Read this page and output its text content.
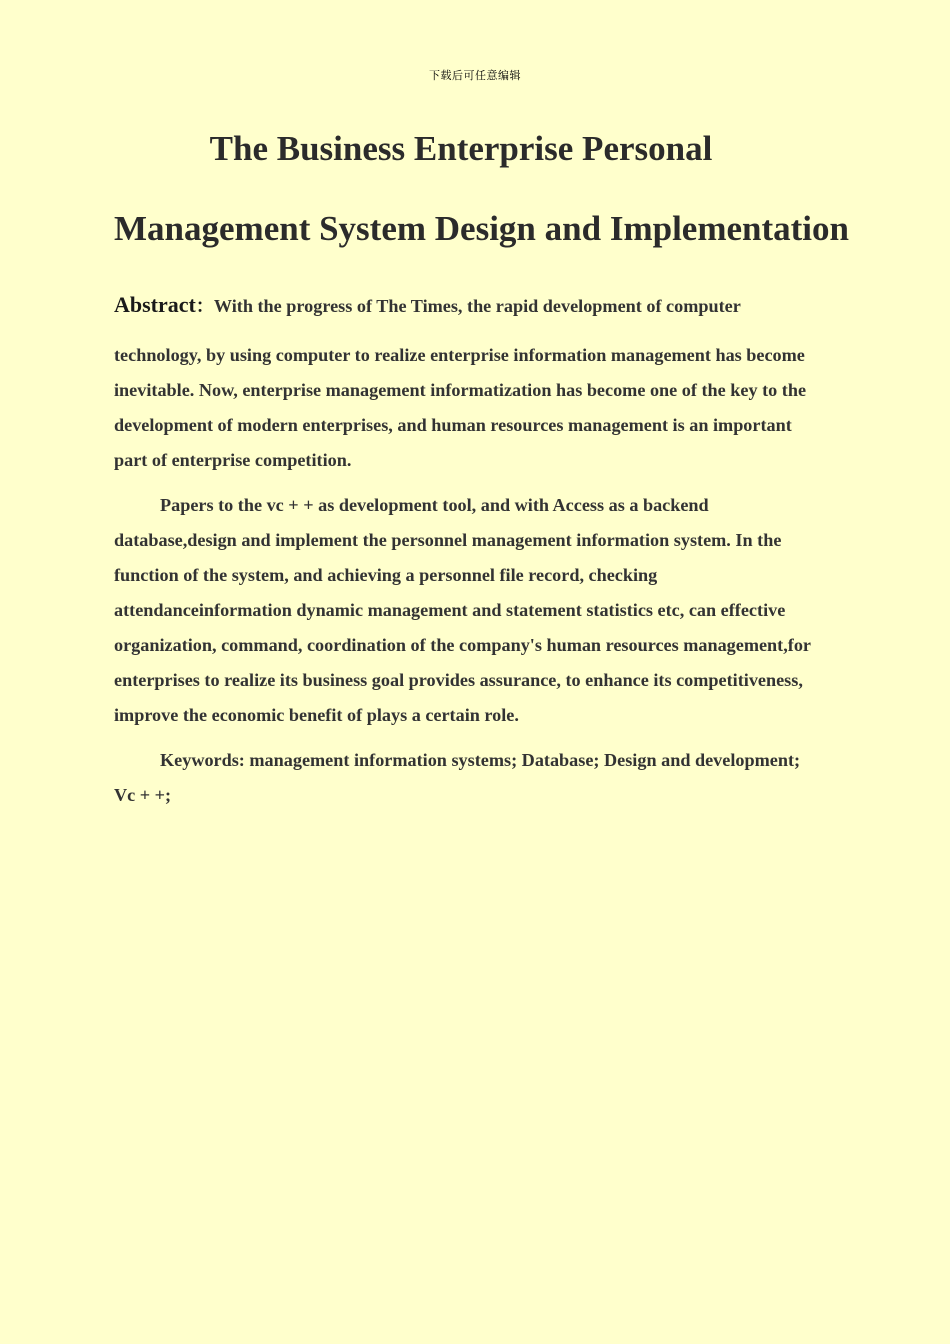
下载后可任意编辑
The Business Enterprise Personal
Management System Design and Implementation
Abstract：With the progress of The Times, the rapid development of computer
technology, by using computer to realize enterprise information management has become
inevitable. Now, enterprise management informatization has become one of the key to the
development of modern enterprises, and human resources management is an important
part of enterprise competition.
Papers to the vc + + as development tool, and with Access as a backend
database,design and implement the personnel management information system. In the
function of the system, and achieving a personnel file record, checking
attendanceinformation dynamic management and statement statistics etc, can effective
organization, command, coordination of the company's human resources management,for
enterprises to realize its business goal provides assurance, to enhance its competitiveness,
improve the economic benefit of plays a certain role.
Keywords: management information systems; Database; Design and development;
Vc + +;
